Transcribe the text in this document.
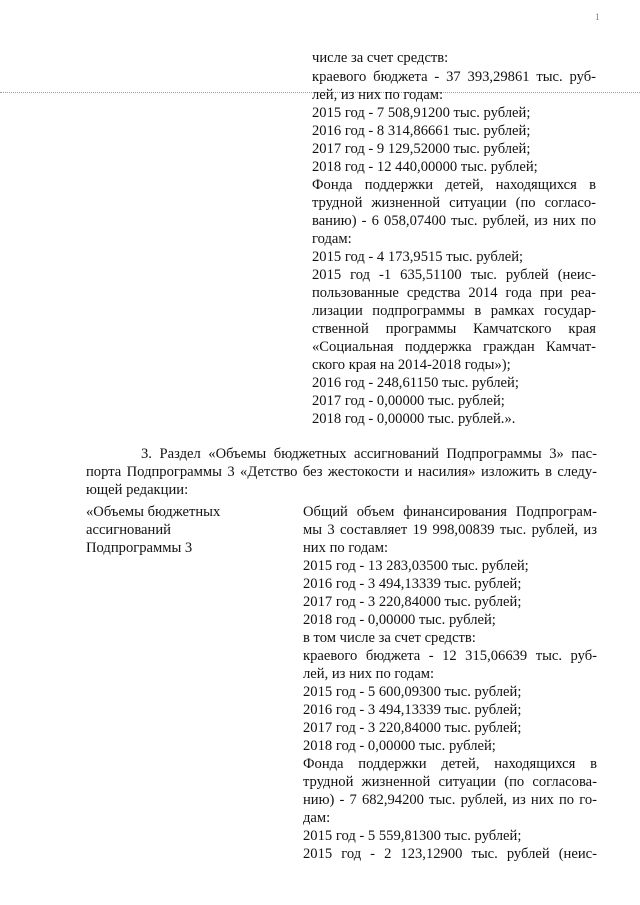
1
числе за счет средств:
краевого бюджета - 37 393,29861 тыс. руб-
лей, из них по годам:
2015 год - 7 508,91200 тыс. рублей;
2016 год - 8 314,86661 тыс. рублей;
2017 год - 9 129,52000 тыс. рублей;
2018 год - 12 440,00000 тыс. рублей;
Фонда поддержки детей, находящихся в
трудной жизненной ситуации (по согласо-
ванию) - 6 058,07400 тыс. рублей, из них по
годам:
2015 год - 4 173,9515 тыс. рублей;
2015 год -1 635,51100 тыс. рублей (неис-
пользованные средства 2014 года при реа-
лизации подпрограммы в рамках государ-
ственной программы Камчатского края
«Социальная поддержка граждан Камчат-
ского края на 2014-2018 годы»);
2016 год - 248,61150 тыс. рублей;
2017 год - 0,00000 тыс. рублей;
2018 год - 0,00000 тыс. рублей.».
3. Раздел «Объемы бюджетных ассигнований Подпрограммы 3» пас-
порта Подпрограммы 3 «Детство без жестокости и насилия» изложить в следу-
ющей редакции:
«Объемы бюджетных
ассигнований
Подпрограммы 3
Общий объем финансирования Подпрограм-
мы 3 составляет 19 998,00839 тыс. рублей, из
них по годам:
2015 год - 13 283,03500 тыс. рублей;
2016 год - 3 494,13339 тыс. рублей;
2017 год - 3 220,84000 тыс. рублей;
2018 год - 0,00000 тыс. рублей;
в том числе за счет средств:
краевого бюджета - 12 315,06639 тыс. руб-
лей, из них по годам:
2015 год - 5 600,09300 тыс. рублей;
2016 год - 3 494,13339 тыс. рублей;
2017 год - 3 220,84000 тыс. рублей;
2018 год - 0,00000 тыс. рублей;
Фонда поддержки детей, находящихся в
трудной жизненной ситуации (по согласова-
нию) - 7 682,94200 тыс. рублей, из них по го-
дам:
2015 год - 5 559,81300 тыс. рублей;
2015 год - 2 123,12900 тыс. рублей (неис-
